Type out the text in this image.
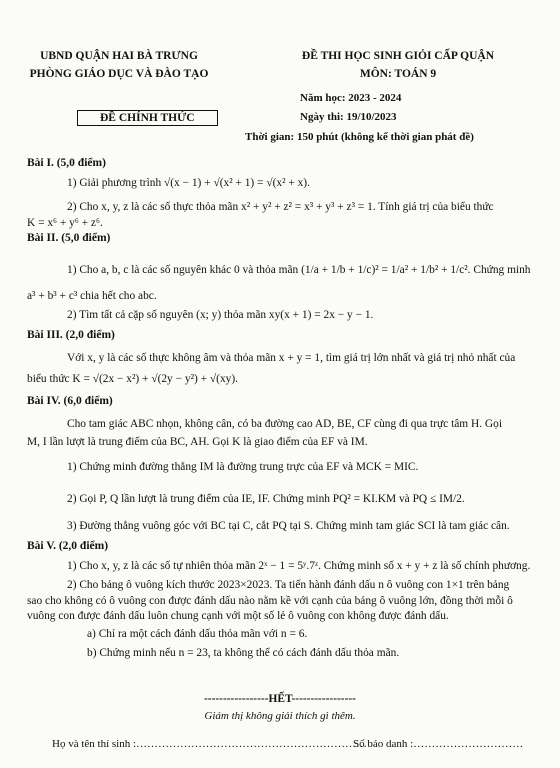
UBND QUẬN HAI BÀ TRƯNG
PHÒNG GIÁO DỤC VÀ ĐÀO TẠO
ĐỀ THI HỌC SINH GIỎI CẤP QUẬN
MÔN: TOÁN 9
ĐỀ CHÍNH THỨC
Năm học: 2023 - 2024
Ngày thi: 19/10/2023
Thời gian: 150 phút (không kể thời gian phát đề)
Bài I. (5,0 điểm)
1) Giải phương trình √(x − 1) + √(x² + 1) = √(x² + x).
2) Cho x, y, z là các số thực thỏa mãn x² + y² + z² = x³ + y³ + z³ = 1. Tính giá trị của biểu thức
K = x⁶ + y⁶ + z⁶.
Bài II. (5,0 điểm)
1) Cho a, b, c là các số nguyên khác 0 và thỏa mãn (1/a + 1/b + 1/c)² = 1/a² + 1/b² + 1/c². Chứng minh
a³ + b³ + c³ chia hết cho abc.
2) Tìm tất cả cặp số nguyên (x; y) thỏa mãn xy(x + 1) = 2x − y − 1.
Bài III. (2,0 điểm)
Với x, y là các số thực không âm và thỏa mãn x + y = 1, tìm giá trị lớn nhất và giá trị nhỏ nhất của
biểu thức K = √(2x − x²) + √(2y − y²) + √(xy).
Bài IV. (6,0 điểm)
Cho tam giác ABC nhọn, không cân, có ba đường cao AD, BE, CF cùng đi qua trực tâm H. Gọi
M, I lần lượt là trung điểm của BC, AH. Gọi K là giao điểm của EF và IM.
1) Chứng minh đường thẳng IM là đường trung trực của EF và MCK = MIC.
2) Gọi P, Q lần lượt là trung điểm của IE, IF. Chứng minh PQ² = KI.KM và PQ ≤ IM/2.
3) Đường thẳng vuông góc với BC tại C, cắt PQ tại S. Chứng minh tam giác SCI là tam giác cân.
Bài V. (2,0 điểm)
1) Cho x, y, z là các số tự nhiên thỏa mãn 2ˣ − 1 = 5ʸ.7ᶻ. Chứng minh số x + y + z là số chính phương.
2) Cho bảng ô vuông kích thước 2023×2023. Ta tiến hành đánh dấu n ô vuông con 1×1 trên bảng
sao cho không có ô vuông con được đánh dấu nào nằm kề với cạnh của bảng ô vuông lớn, đồng thời mỗi ô
vuông con được đánh dấu luôn chung cạnh với một số lẻ ô vuông con không được đánh dấu.
a) Chỉ ra một cách đánh dấu thỏa mãn với n = 6.
b) Chứng minh nếu n = 23, ta không thể có cách đánh dấu thỏa mãn.
-----------------HẾT-----------------
Giám thị không giải thích gì thêm.
Họ và tên thí sinh :………………………………………………………
Số báo danh :…………………………
